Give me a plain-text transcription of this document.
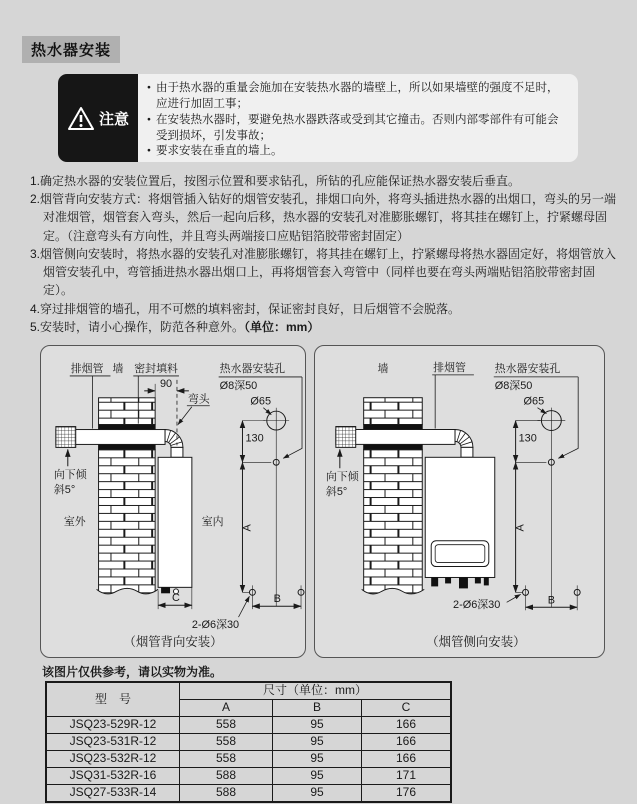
热水器安装
注意
● 由于热水器的重量会施加在安装热水器的墙壁上，所以如果墙壁的强度不足时，应进行加固工事；
● 在安装热水器时，要避免热水器跌落或受到其它撞击。否则内部零部件有可能会受到损坏，引发事故；
● 要求安装在垂直的墙上。
1.确定热水器的安装位置后，按图示位置和要求钻孔，所钻的孔应能保证热水器安装后垂直。
2.烟管背向安装方式：将烟管插入钻好的烟管安装孔，排烟口向外，将弯头插进热水器的出烟口，弯头的另一端对准烟管，烟管套入弯头，然后一起向后移，热水器的安装孔对准膨胀螺钉，将其挂在螺钉上，拧紧螺母固定。（注意弯头有方向性，并且弯头两端接口应贴铝箔胶带密封固定）
3.烟管侧向安装时，将热水器的安装孔对准膨胀螺钉，将其挂在螺钉上，拧紧螺母将热水器固定好，将烟管放入烟管安装孔中，弯管插进热水器出烟口上，再将烟管套入弯管中（同样也要在弯头两端贴铝箔胶带密封固定）。
4.穿过排烟管的墙孔，用不可燃的填料密封，保证密封良好，日后烟管不会脱落。
5.安装时，请小心操作，防范各种意外。（单位：mm）
排烟管 墙 密封填料	热水器安装孔
Ø8深50
90
弯头	Ø65
130
向下倾
斜5°
室外	室内 A
B
C
2-Ø6深30
（烟管背向安装）
墙	排烟管	热水器安装孔
Ø8深50
Ø65
130
向下倾
斜5°
A
B
2-Ø6深30
（烟管侧向安装）
该图片仅供参考，请以实物为准。
型　号	尺寸（单位：mm）		
	A	B	C
JSQ23-529R-12	558	95	166
JSQ23-531R-12	558	95	166
JSQ23-532R-12	558	95	166
JSQ31-532R-16	588	95	171
JSQ27-533R-14	588	95	176
